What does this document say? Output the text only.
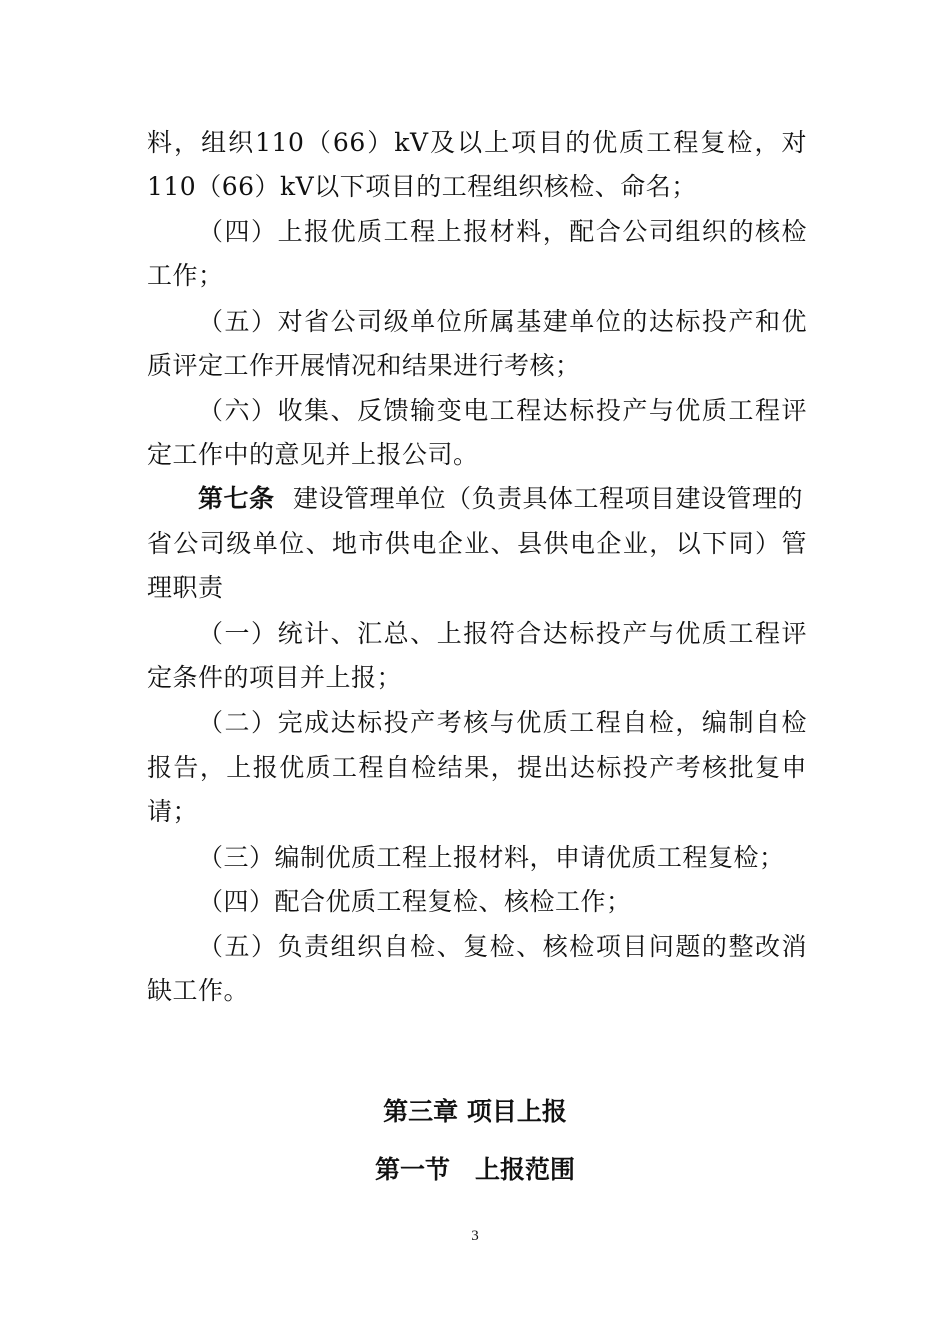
料，组织110（66）kV及以上项目的优质工程复检，对
110（66）kV以下项目的工程组织核检、命名；
（四）上报优质工程上报材料，配合公司组织的核检
工作；
（五）对省公司级单位所属基建单位的达标投产和优
质评定工作开展情况和结果进行考核；
（六）收集、反馈输变电工程达标投产与优质工程评
定工作中的意见并上报公司。
第七条 建设管理单位（负责具体工程项目建设管理的
省公司级单位、地市供电企业、县供电企业，以下同）管
理职责
（一）统计、汇总、上报符合达标投产与优质工程评
定条件的项目并上报；
（二）完成达标投产考核与优质工程自检，编制自检
报告，上报优质工程自检结果，提出达标投产考核批复申
请；
（三）编制优质工程上报材料，申请优质工程复检；
（四）配合优质工程复检、核检工作；
（五）负责组织自检、复检、核检项目问题的整改消
缺工作。
第三章 项目上报
第一节　上报范围
3
